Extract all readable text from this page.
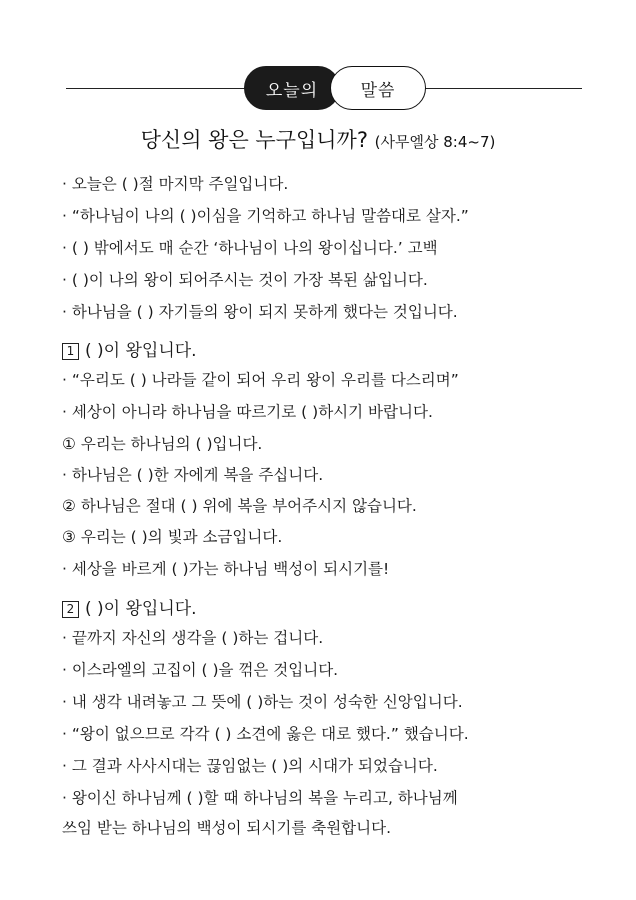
오늘의 말씀
당신의 왕은 누구입니까? (사무엘상 8:4~7)
· 오늘은 ( )절 마지막 주일입니다.
· “하나님이 나의 ( )이심을 기억하고 하나님 말씀대로 살자.”
· ( ) 밖에서도 매 순간 ‘하나님이 나의 왕이십니다.’ 고백
· ( )이 나의 왕이 되어주시는 것이 가장 복된 삶입니다.
· 하나님을 ( ) 자기들의 왕이 되지 못하게 했다는 것입니다.
1 ( )이 왕입니다.
· “우리도 ( ) 나라들 같이 되어 우리 왕이 우리를 다스리며”
· 세상이 아니라 하나님을 따르기로 ( )하시기 바랍니다.
① 우리는 하나님의 ( )입니다.
· 하나님은 ( )한 자에게 복을 주십니다.
② 하나님은 절대 ( ) 위에 복을 부어주시지 않습니다.
③ 우리는 ( )의 빛과 소금입니다.
· 세상을 바르게 ( )가는 하나님 백성이 되시기를!
2 ( )이 왕입니다.
· 끝까지 자신의 생각을 ( )하는 겁니다.
· 이스라엘의 고집이 ( )을 꺾은 것입니다.
· 내 생각 내려놓고 그 뜻에 ( )하는 것이 성숙한 신앙입니다.
· “왕이 없으므로 각각 ( ) 소견에 옳은 대로 했다.” 했습니다.
· 그 결과 사사시대는 끊임없는 ( )의 시대가 되었습니다.
· 왕이신 하나님께 ( )할 때 하나님의 복을 누리고, 하나님께
쓰임 받는 하나님의 백성이 되시기를 축원합니다.
